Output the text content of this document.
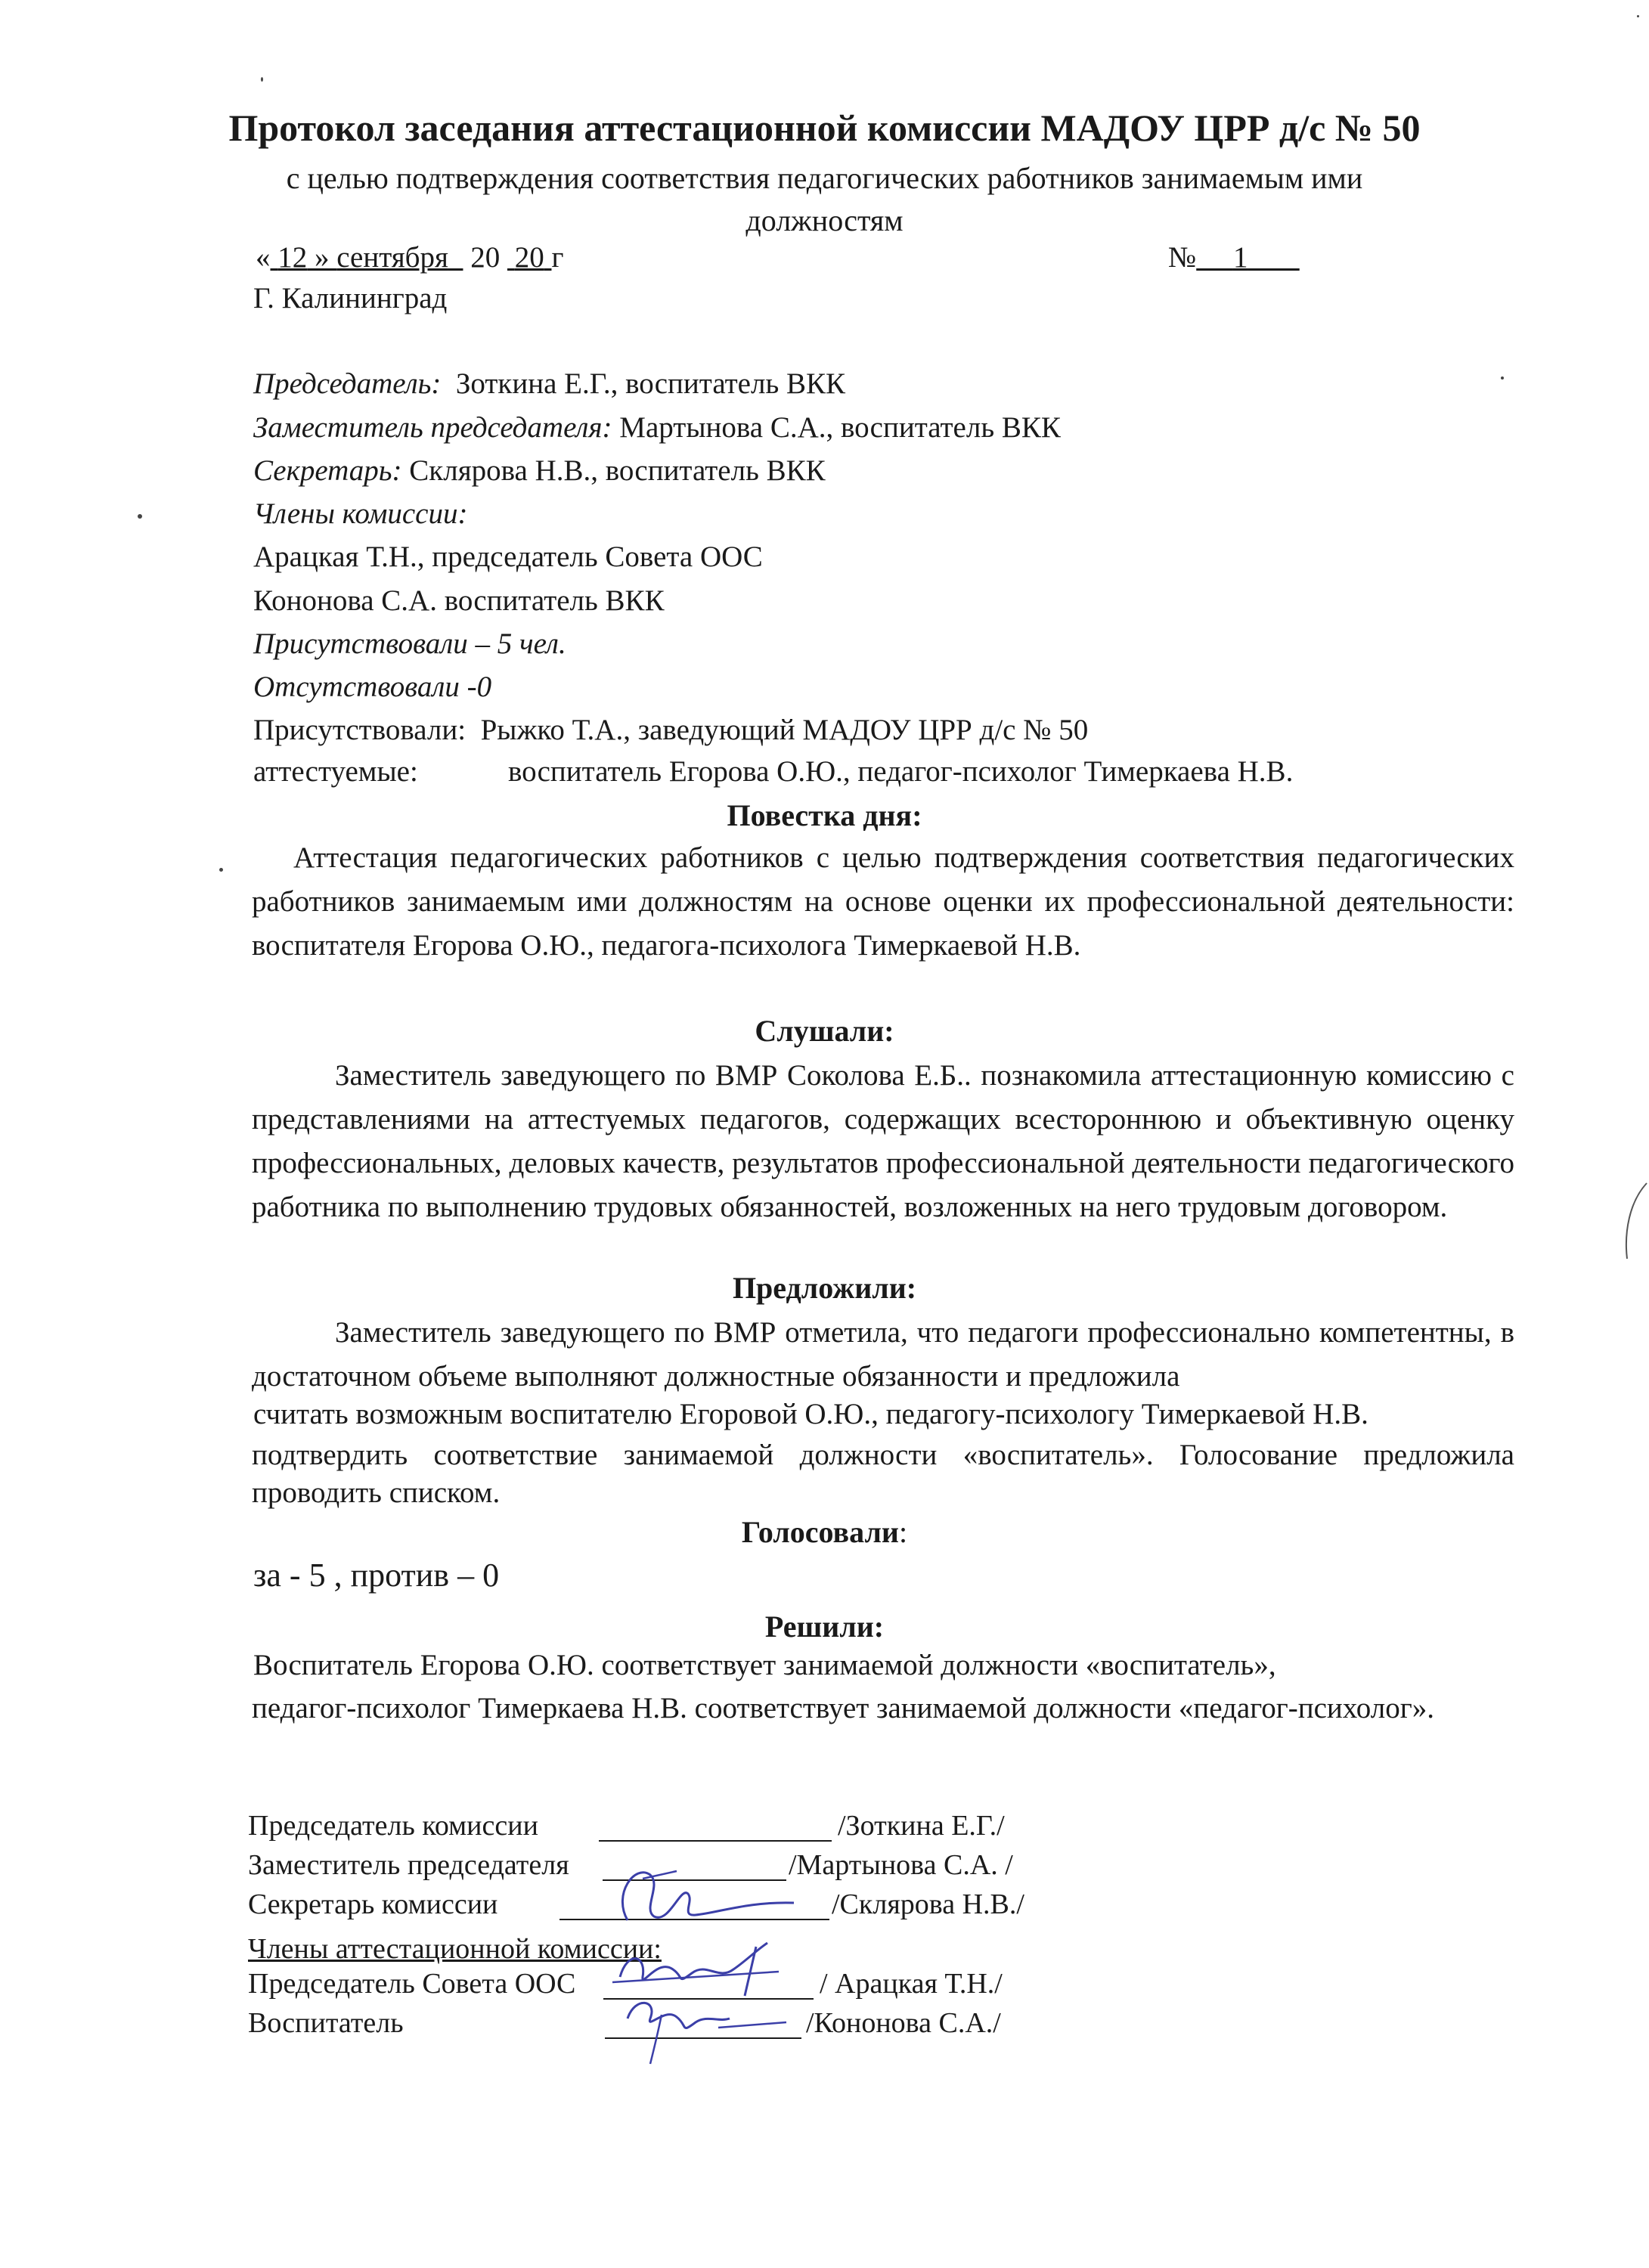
Протокол заседания аттестационной комиссии МАДОУ ЦРР д/с № 50
с целью подтверждения соответствия педагогических работников занимаемым ими
должностям
« 12 » сентября 20 20 г	№ 1
Г. Калининград
Председатель: Зоткина Е.Г., воспитатель ВКК
Заместитель председателя: Мартынова С.А., воспитатель ВКК
Секретарь: Склярова Н.В., воспитатель ВКК
Члены комиссии:
Арацкая Т.Н., председатель Совета ООС
Кононова С.А. воспитатель ВКК
Присутствовали – 5 чел.
Отсутствовали -0
Присутствовали: Рыжко Т.А., заведующий МАДОУ ЦРР д/с № 50
аттестуемые:	воспитатель Егорова О.Ю., педагог-психолог Тимеркаева Н.В.
Повестка дня:
Аттестация педагогических работников с целью подтверждения соответствия педагогических работников занимаемым ими должностям на основе оценки их профессиональной деятельности: воспитателя Егорова О.Ю., педагога-психолога Тимеркаевой Н.В.
Слушали:
Заместитель заведующего по ВМР Соколова Е.Б.. познакомила аттестационную комиссию с представлениями на аттестуемых педагогов, содержащих всестороннюю и объективную оценку профессиональных, деловых качеств, результатов профессиональной деятельности педагогического работника по выполнению трудовых обязанностей, возложенных на него трудовым договором.
Предложили:
Заместитель заведующего по ВМР отметила, что педагоги профессионально компетентны, в достаточном объеме выполняют должностные обязанности и предложила
считать возможным воспитателю Егоровой О.Ю., педагогу-психологу Тимеркаевой Н.В.
подтвердить соответствие занимаемой должности «воспитатель». Голосование предложила проводить списком.
Голосовали:
за - 5 , против – 0
Решили:
Воспитатель Егорова О.Ю. соответствует занимаемой должности «воспитатель»,
педагог-психолог Тимеркаева Н.В. соответствует занимаемой должности «педагог-психолог».
Председатель комиссии	/Зоткина Е.Г./
Заместитель председателя	/Мартынова С.А. /
Секретарь комиссии	/Склярова Н.В./
Члены аттестационной комиссии:
Председатель Совета ООС	/ Арацкая Т.Н./
Воспитатель	/Кононова С.А./
